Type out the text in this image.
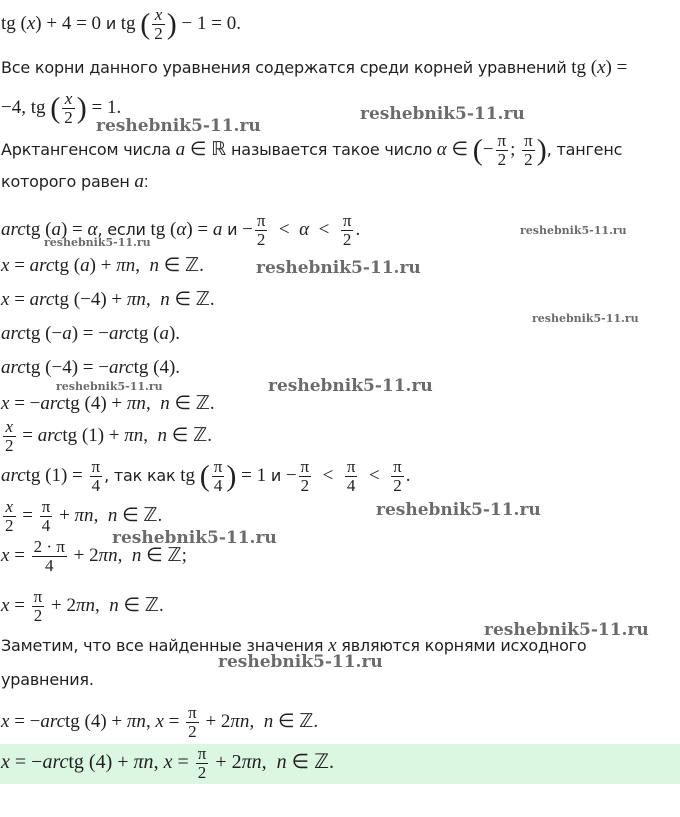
tg (x) + 4 = 0 и tg ( $\frac{x}{2}$ ) − 1 = 0.
Все корни данного уравнения содержатся среди корней уравнений tg (x) =
−4, tg ( $\frac{x}{2}$ ) = 1.
Арктангенсом числа a ∈ ℝ называется такое число α ∈ (− $\frac{\pi}{2}$ ; $\frac{\pi}{2}$ ), тангенс
которого равен a:
arctg (a) = α, если tg (α) = a $и - \frac{\pi}{2} < \alpha < \frac{\pi}{2}$ .
x = arctg (a) + πn,  n ∈ ℤ.
x = arctg (−4) + πn,  n ∈ ℤ.
arctg (−a) = −arctg (a).
arctg (−4) = −arctg (4).
x = −arctg (4) + πn,  n ∈ ℤ.
$\frac{x}{2}$ = arctg (1) + πn,  n ∈ ℤ.
arctg $(1) = \frac{\pi}{4}$ , так как tg ( $\frac{\pi}{4}$ ) = 1 $и - \frac{\pi}{2} < \frac{\pi}{4} < \frac{\pi}{2}$ .
$\frac{x}{2} = \frac{\pi}{4} + \pi n$,  n ∈ ℤ.
$x = \frac{2 \cdot \pi}{4} + 2\pi n$,  n ∈ ℤ;
$x = \frac{\pi}{2} + 2\pi n$,  n ∈ ℤ.
Заметим, что все найденные значения x являются корнями исходного
уравнения.
x = −arctg (4) + πn, $x = \frac{\pi}{2} + 2\pi n$,  n ∈ ℤ.
x = −arctg (4) + πn, $x = \frac{\pi}{2} + 2\pi n$,  n ∈ ℤ.
reshebnik5-11.ru
reshebnik5-11.ru
reshebnik5-11.ru
reshebnik5-11.ru
reshebnik5-11.ru
reshebnik5-11.ru
reshebnik5-11.ru	reshebnik5-11.ru
reshebnik5-11.ru
reshebnik5-11.ru
reshebnik5-11.ru
reshebnik5-11.ru
